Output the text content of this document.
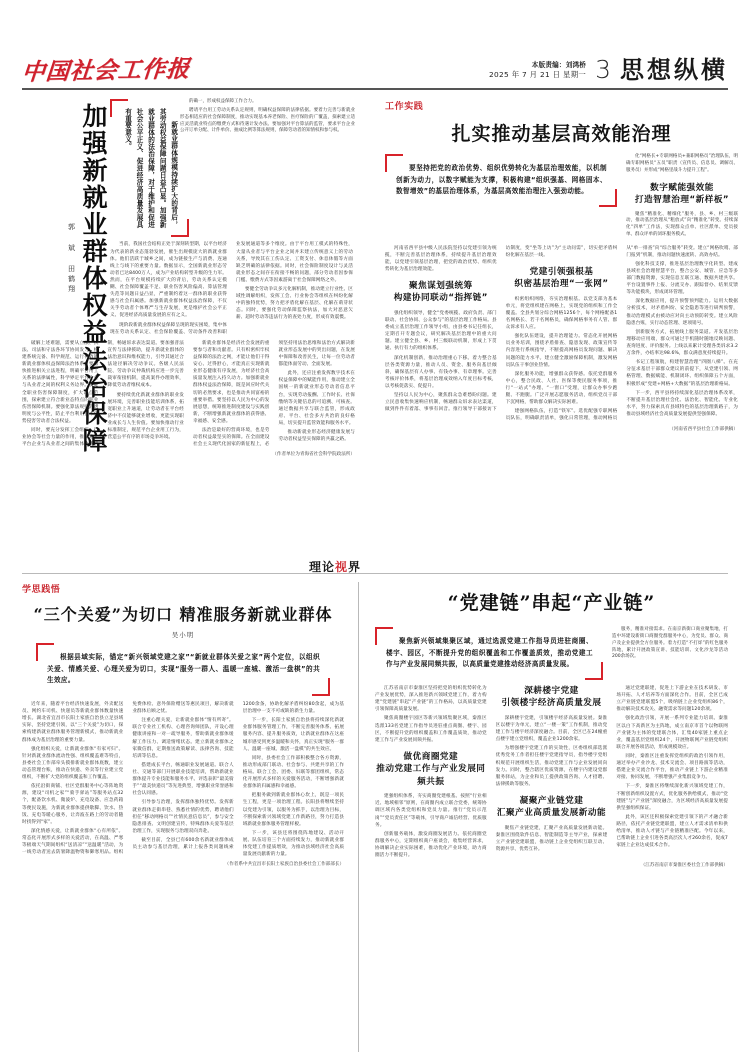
中国社会工作报	本版责编：刘鸿桥
2025 年 7 月 21 日 星期一 3 思想纵横
加强新就业群体权益法治保障
郭 斌 田鹤翔
新就业群体规模持续扩大的背后，其劳动权益保障问题日益凸显。加强新就业群体的法治保障，对于维护和促进社会公平正义、促进经济高质量发展具有重要意义。

的确一，形成权益保障工作合力。

聘请平台用工劳动关系认定规则，明确权益保障的法律依据。要着力完善与新就业形态相适应的社会保障制度，推动实现基本养老保险、医疗保险的广覆盖，探索建立适应灵活就业特点的缴费方式和待遇计发办法。要加强对平台算法的监管，要求平台企业公开订单分配、计件单价、抽成比例等算法规则，保障劳动者的知情权和参与权。

当前，我国社会结构正处于深刻转型期，以平台经济为代表的新业态蓬勃发展，催生出规模庞大的新就业群体。他们活跃于城乡之间，成为链接生产与消费、连通线上与线下的重要力量。数据显示，全国新就业形态劳动者已达8400万人，成为产业结构转型升级的生力军。然而，在平台规模持续扩大的背后，劳动关系认定模糊、社会保障覆盖不足、职业伤害风险偏高、算法管理失范等问题日益凸显，严重制约着这一群体的职业获得感与社会归属感。加强新就业群体权益法治保障，不仅关乎劳动者个体尊严与生存发展，更是维护社会公平正义、促进经济高质量发展的应有之义。

现阶段新就业群体权益保障呈现的现实困境，集中体现在劳动关系认定、社会保险覆盖、劳动条件改善和职业发展通道等多个维度。由于平台用工模式的特殊性，大量从业者与平台企业之间并未建立传统意义上的劳动关系，导致其在工伤认定、工资支付、休息休假等方面缺乏明确的法律依据。同时，社会保险制度设计与灵活就业形态之间存在衔接不畅的问题，部分劳动者因参保门槛、缴费方式等因素游离于社会保障网络之外。

要健全劳动争议多元化解机制，推动建立行业性、区域性调解组织，发挥工会、行业协会等组织在纠纷化解中的独特优势，努力把矛盾化解在基层、化解在萌芽状态。同时，要强化劳动保障监察执法，加大对恶意欠薪、超时劳动等违法行为的查处力度，形成有效震慑。

破解上述难题，需要从立法、执法、司法和守法各环节协同发力，构建系统完备、科学规范、运行有效的新就业群体权益保障法治体系。要加快推进相关立法进程，明确平台用工关系的法律属性，科学界定平台企业与从业者之间的权利义务边界。要健全职业伤害保障制度，扩大试点范围，探索建立符合新业态特点的职业伤害保障机制。要强化算法规则的透明度与公平性，防止平台利用技术优势侵害劳动者合法权益。

同时，要充分发挥工会组织、行业协会等社会力量的作用，推动建立平台企业与从业者之间的集体协商机制，畅通诉求表达渠道。要加强普法宣传与法律援助，提升新就业群体的法治意识和维权能力，引导其通过合法途径解决劳动争议。各级人民法院、劳动争议仲裁机构应进一步完善裁审衔接机制，提高案件办理效率，降低劳动者维权成本。

要持续优化新就业群体的职业发展环境，完善职业技能培训体系，拓宽职业上升通道，让劳动者在平台经济中不仅能够就业增收，更能实现职业成长与人生价值。要加快推动行业标准制定，规范平台企业用工行为，营造公平有序的市场竞争环境。

新就业群体是经济社会发展的重要参与者和贡献者。只有织密织牢权益保障的法治之网，才能让他们干得安心、过得舒心，才能真正实现新就业形态健康有序发展，为经济社会高质量发展注入持久动力。加强新就业群体权益法治保障，既是回应时代关切的必然要求，也是推动共同富裕的重要举措。要坚持以人民为中心的发展思想，统筹推进制度建设与实践创新，不断增强新就业群体的获得感、幸福感、安全感。

法治是最好的营商环境，也是劳动者权益最坚实的保障。在全面建设社会主义现代化国家的新征程上，必须坚持用法治思维和法治方式解决新就业形态发展中的突出问题，在发展中保障和改善民生，让每一位劳动者都能体面劳动、全面发展。

此外，还应注重发挥数字技术在权益保障中的赋能作用，推动建立全国统一的新就业形态劳动者信息平台，实现劳动报酬、工作时长、社保缴纳等关键信息的可追溯、可核查。通过数据共享与联合监管，形成政府、平台、社会多方共治的良好格局，切实提升监管效能和服务水平。

推动新就业形态经济健康发展与劳动者权益坚实保障的共赢之路。

（作者单位为青海省社会科学院政法所）
理论视界
工作实践
扎实推动基层高效能治理
要坚持把党的政治优势、组织优势转化为基层治理效能，以机制创新为动力，以数字赋能为支撑，积极构建“组织强基、网格固本、数智增效”的基层治理体系，为基层高效能治理注入强劲动能。

化“网格长+专职网格员+兼职网格员”治理队伍，明确专职网格员“五员”职责（宣传员、信息员、调解员、服务员）并形成“网格里战斗力提升工程”。

数字赋能强效能
打造智慧治理“新样板”

聚焦“精准化、精细化”服务，县、乡、村三级联动，推动基层治理从“粗放式”向“精准化”转变。持续深化“四单”工作法，实现群众点单、社区派单、党员接单、群众评单的闭环服务模式。

河南省西平县中级人民法院坚持以党建引领为统揽，不断完善基层治理体系，持续提升基层治理效能，以党建引领基层治理，把党的政治优势、组织优势转化为基层治理效能。

聚焦谋划强统筹
构建协同联动“指挥链”

强化组织领导，健全“党委统揽、政府负责、部门联动、社会协同、公众参与”的基层治理工作格局。县委成立基层治理工作领导小组，由县委书记任组长，定期召开专题会议，研究解决基层治理中的重大问题。建立健全县、乡、村三级联动机制，形成上下贯通、执行有力的组织体系。

深化机制创新，推动治理重心下移。着力整合基层各类资源力量，推动人员、资金、服务向基层倾斜，确保基层有人办事、有钱办事、有章理事。完善考核评价体系，将基层治理成效纳入年度目标考核，以考核促落实、促提升。

坚持以人民为中心，聚焦群众急难愁盼问题。建立民意收集快速响应机制，畅通群众诉求表达渠道，做到件件有着落、事事有回音。推行领导干部接访下访制度，变“坐等上访”为“主动问需”，切实把矛盾纠纷化解在基层一线。

党建引领强根基
织密基层治理“一张网”

织密组织网络，夯实治理根基。以党支部为基本单元，将党组织建在网格上，实现党的组织和工作全覆盖。全县共划分综合网格1256个，每个网格配备1名网格长、若干名网格员，确保网格事务有人管、群众诉求有人应。

强化队伍建设，提升治理能力。常态化开展网格员业务培训，围绕矛盾排查、隐患发现、政策宣传等内容进行系统指导，不断提高网格员发现问题、解决问题的能力水平。建立健全激励保障机制，激发网格员队伍干事创业热情。

深化服务功能，增强群众获得感。依托党群服务中心，整合民政、人社、医保等便民服务事项，推行“一站式”办理、“一窗口”受理，让群众办事少跑腿、不跑腿。广泛开展志愿服务活动，组织党员干部下沉网格，帮助群众解决实际困难。

建强网格队伍，打造“铁军”。选优配强专职网格员队伍，明确职责清单，强化日常管理，推动网格员从“单一排查”向“综合服务”转变。建立“网格吹哨、部门报到”机制，推动问题快速流转、高效办结。

强化科技支撑，推进基层治理数字化转型。建成县域社会治理智慧平台，整合公安、城管、应急等多部门数据资源，实现信息互联互通、数据共建共享。平台设置事件上报、分流交办、跟踪督办、结果反馈等功能模块，形成闭环管理。

深化数据应用，提升预警预判能力。运用大数据分析技术，对矛盾纠纷、安全隐患等进行研判预警，推动治理模式由被动应对向主动预防转变。建立风险隐患台账，实行动态管理、逐项销号。

创新服务方式，拓展线上服务渠道。开发基层治理移动应用端，群众可通过手机随时随地反映问题、查询进度、评价服务。上线以来累计受理各类诉求3.2万余件，办结率达98.6%，群众满意度持续提升。

书记工程领航，构建智慧治理“四圈八梯”。在充分征求基层干部群众建议的前提下，从党建引领、网格管理、数据赋能、机制闭环、组织保障五个方面，积极形成“党建+网格+大数据”的基层治理新格局。

下一步，西平县将持续深化基层治理体系改革，不断提升基层治理社会化、法治化、智能化、专业化水平，努力探索具有县域特色的基层治理新路子，为推动县域经济社会高质量发展提供坚强保障。

（河南省西平县社会工作部供稿）
学思践悟
“三个关爱”为切口 精准服务新就业群体
吴小明
根据县域实际，锚定“新兴领域党建之家”“新就业群体关爱之家”两个定位，以组织关爱、情感关爱、心理关爱为切口，实现“服务一群人、温暖一座城、激活一盘棋”的共生效应。

近年来，随着平台经济快速发展，外卖配送员、网约车司机、快递员等新就业群体数量快速增长。湖北省宜昌市长阳土家族自治县立足县域实际，坚持党建引领，以“三个关爱”为切口，探索构建新就业群体服务管理新模式，推动新就业群体成为基层治理的重要力量。

强化组织关爱，让新就业群体“有家可归”。针对新就业群体流动性强、组织覆盖难等特点，县委社会工作部牵头摸排新就业群体底数，建立动态管理台账，推动在快递、外卖等行业建立党组织，不断扩大党的组织覆盖和工作覆盖。

依托沿街商铺、社区党群服务中心等阵地资源，建设“司机之家”“骑手驿站”等服务站点32个，配备饮水机、微波炉、充电设备、应急药箱等便民设施，为新就业群体提供歇脚、饮水、热饭、充电等暖心服务，让奔波在路上的劳动者随时找得到“家”。

深化情感关爱，让新就业群体“心有所依”。常态化开展形式多样的关爱活动，在高温、严寒等极端天气期间组织“送清凉”“送温暖”活动，为一线劳动者送去防暑降温物资和御寒用品。组织免费体检、意外保险赠送等惠民项目，解决新就业群体后顾之忧。

注重心理关爱，让新就业群体“情有所寄”。联合专业社工机构、心理咨询师团队，开设心理健康讲座和一对一疏导服务，帮助新就业群体缓解工作压力、调适情绪状态。建立新就业群体之家微信群，定期推送政策解读、法律咨询、技能培训等信息。

搭建成长平台，畅通职业发展通道。联合人社、交通等部门开展职业技能培训，帮助新就业群体提升专业技能和服务水平。评选表彰“最美骑手”“最美快递员”等先进典型，增强职业荣誉感和社会认同感。

引导参与治理，发挥群体独特优势。发挥新就业群体走街串巷、熟悉社情的优势，聘请他们担任“移动网格员”“社情民意信息员”，参与安全隐患排查、文明创建宣传、特殊群体关爱等基层治理工作，实现服务与治理双向奔赴。

截至目前，全县已有600余名新就业群体成员主动参与基层治理，累计上报各类问题线索1200余条，协助化解矛盾纠纷80余起，成为基层治理中一支不可或缺的新生力量。

下一步，长阳土家族自治县将持续深化新就业群体服务管理工作，不断完善服务体系、拓展服务内容、提升服务质效，让新就业群体在这座城市感受到更多温暖和关怀，真正实现“服务一群人、温暖一座城、激活一盘棋”的共生效应。

同时，县委社会工作部积极整合各方资源，推动形成部门联动、社会参与、共建共享的工作格局。联合工会、团委、妇联等群团组织，常态化开展形式多样的关爱服务活动，不断增强新就业群体的归属感和幸福感。

把服务做到新就业群体心坎上，既是一项民生工程，更是一项治理工程。长阳县将继续坚持以党建为引领，以服务为抓手，以治理为目标，不断探索新兴领域党建工作新路径，努力打造县域新就业群体服务管理样板。

下一步，该县还将围绕阵地建设、活动开展、队伍培育三个方面持续发力，推动新就业群体党建工作提质增效，为推动县域经济社会高质量发展贡献新的力量。

（作者系中共宜昌市长阳土家族自治县委社会工作部部长）
“党建链”串起“产业链”
聚焦新兴领域集聚区域，通过选派党建工作指导员进驻商圈、楼宇、园区，不断提升党的组织覆盖和工作覆盖质效，推动党建工作与产业发展同频共振，以高质量党建推动经济高质量发展。

服务，精准对接需求。在南京新街口商业聚集地，打造中环建设新街口商圈党群服务中心，为党员、群众、商户及企业提供全方位服务。着力打造“不打烊”的红色服务阵地，累计开展政策宣讲、技能培训、文化沙龙等活动200余场次。

江苏省南京市秦淮区坚持把党的组织优势转化为产业发展优势，深入推进新兴领域党建工作，着力构建“党建链”串起“产业链”的工作格局，以高质量党建引领保障高质量发展。

聚焦商圈楼宇园区等新兴领域集聚区域，秦淮区选派133名党建工作指导员进驻重点商圈、楼宇、园区，不断提升党的组织覆盖和工作覆盖质效，推动党建工作与产业发展同频共振。

做优商圈党建
推动党建工作与产业发展同频共振

建强组织体系，夯实商圈党建根基。按照“行业相近、地域相邻”原则，在商圈内成立联合党委，统筹协调区域内各类党组织和党员力量。推行“党员示范岗”“党员责任区”等载体，引导商户诚信经营、优质服务。

创新服务载体，激发商圈发展活力。依托商圈党群服务中心，定期组织商户座谈会，收集经营诉求，协调解决企业实际困难，推动优化产业环境，助力商圈活力不断提升。

深耕楼宇党建
引领楼宇经济高质量发展

深耕楼宇党建，引领楼宇经济高质量发展。秦淮区以楼宇为单元，建立“一楼一策”工作机制，推动党建工作与楼宇经济深度融合。目前，全区已在24幢重点楼宇建立党组织，覆盖企业1200余家。

为增强楼宇党建工作的实效性，区委组织部选派优秀党务工作者担任楼宇党建指导员，指导楼宇党组织规范开展组织生活，推动党建工作与企业发展同向发力。同时，整合辖区优质资源，在楼宇内建设党群服务驿站，为企业和员工提供政策咨询、人才招聘、法律援助等服务。

凝聚产业链党建
汇聚产业高质量发展新动能

聚焦产业链党建，汇聚产业高质量发展新动能。秦淮区围绕软件信息、智能制造等主导产业，探索建立产业链党建联盟，推动链上企业党组织互联互动、资源共享、优势互补。

通过党建联建，促进上下游企业在技术研发、市场开拓、人才培养等方面深化合作。目前，全区已成立产业链党建联盟5个，吸纳链上企业党组织86个，推动解决技术攻关、融资需求等问题120余项。

强化政治引领，开展一系列专业能力培训。秦淮区以白下高新区为主阵地，成立南京市首个以物联网产业链为主体的党建联合体，汇集40家链上重点企业，覆盖基层党组织24个，开展物联网产业链党组织联合开展各项活动，形成规模效应。

同时，秦淮区注重发挥党组织的政治引领作用，通过举办产业沙龙、技术交流会、项目路演等活动，搭建企业交流合作平台，推动产业链上下游企业精准对接、协同发展，不断增强产业集群竞争力。

下一步，秦淮区将继续深化新兴领域党建工作，不断创新组织设置方式，优化服务供给模式，推动“党建链”与“产业链”深度融合，为区域经济高质量发展提供坚强组织保证。

此外，该区还积极探索党建引领下的产才融合新路径，依托产业链党建联盟，建立人才需求清单和供给清单，推动人才链与产业链精准匹配。今年以来，已帮助链上企业引进各类高层次人才260余名，促成7家链上企业达成技术合作。

（江苏省南京市秦淮区委社会工作部供稿）
